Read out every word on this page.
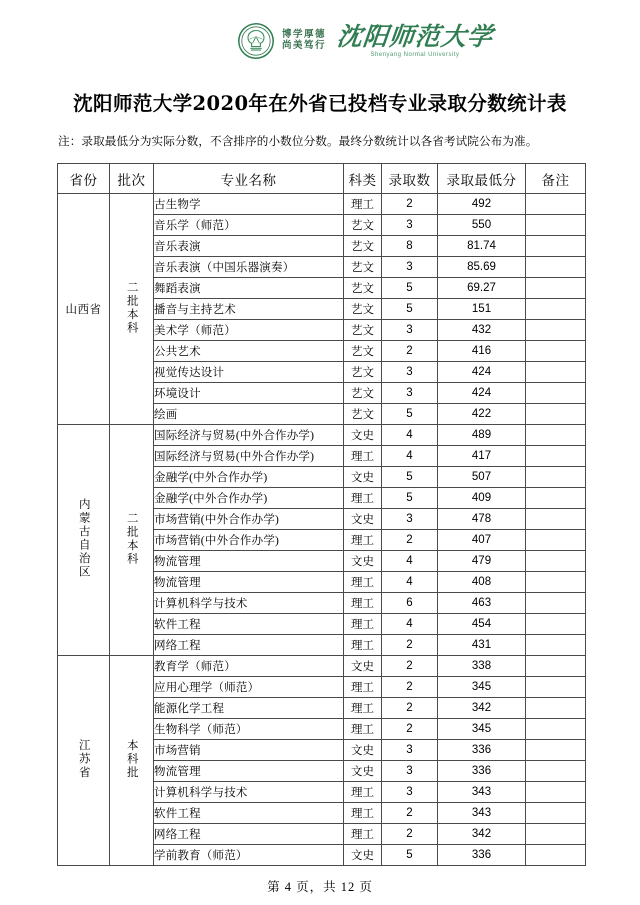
博学厚德
尚美笃行 沈阳师范大学
Shenyang Normal University
沈阳师范大学2020年在外省已投档专业录取分数统计表

注：录取最低分为实际分数，不含排序的小数位分数。最终分数统计以各省考试院公布为准。

省份	批次	专业名称	科类	录取数	录取最低分	备注
山西省	二批本科	古生物学	理工	2	492	
		音乐学（师范）	艺文	3	550	
		音乐表演	艺文	8	81.74	
		音乐表演（中国乐器演奏）	艺文	3	85.69	
		舞蹈表演	艺文	5	69.27	
		播音与主持艺术	艺文	5	151	
		美术学（师范）	艺文	3	432	
		公共艺术	艺文	2	416	
		视觉传达设计	艺文	3	424	
		环境设计	艺文	3	424	
		绘画	艺文	5	422	
内蒙古自治区	二批本科	国际经济与贸易(中外合作办学)	文史	4	489	
		国际经济与贸易(中外合作办学)	理工	4	417	
		金融学(中外合作办学)	文史	5	507	
		金融学(中外合作办学)	理工	5	409	
		市场营销(中外合作办学)	文史	3	478	
		市场营销(中外合作办学)	理工	2	407	
		物流管理	文史	4	479	
		物流管理	理工	4	408	
		计算机科学与技术	理工	6	463	
		软件工程	理工	4	454	
		网络工程	理工	2	431	
江苏省	本科批	教育学（师范）	文史	2	338	
		应用心理学（师范）	理工	2	345	
		能源化学工程	理工	2	342	
		生物科学（师范）	理工	2	345	
		市场营销	文史	3	336	
		物流管理	文史	3	336	
		计算机科学与技术	理工	3	343	
		软件工程	理工	2	343	
		网络工程	理工	2	342	
		学前教育（师范）	文史	5	336	
第 4 页，共 12 页
